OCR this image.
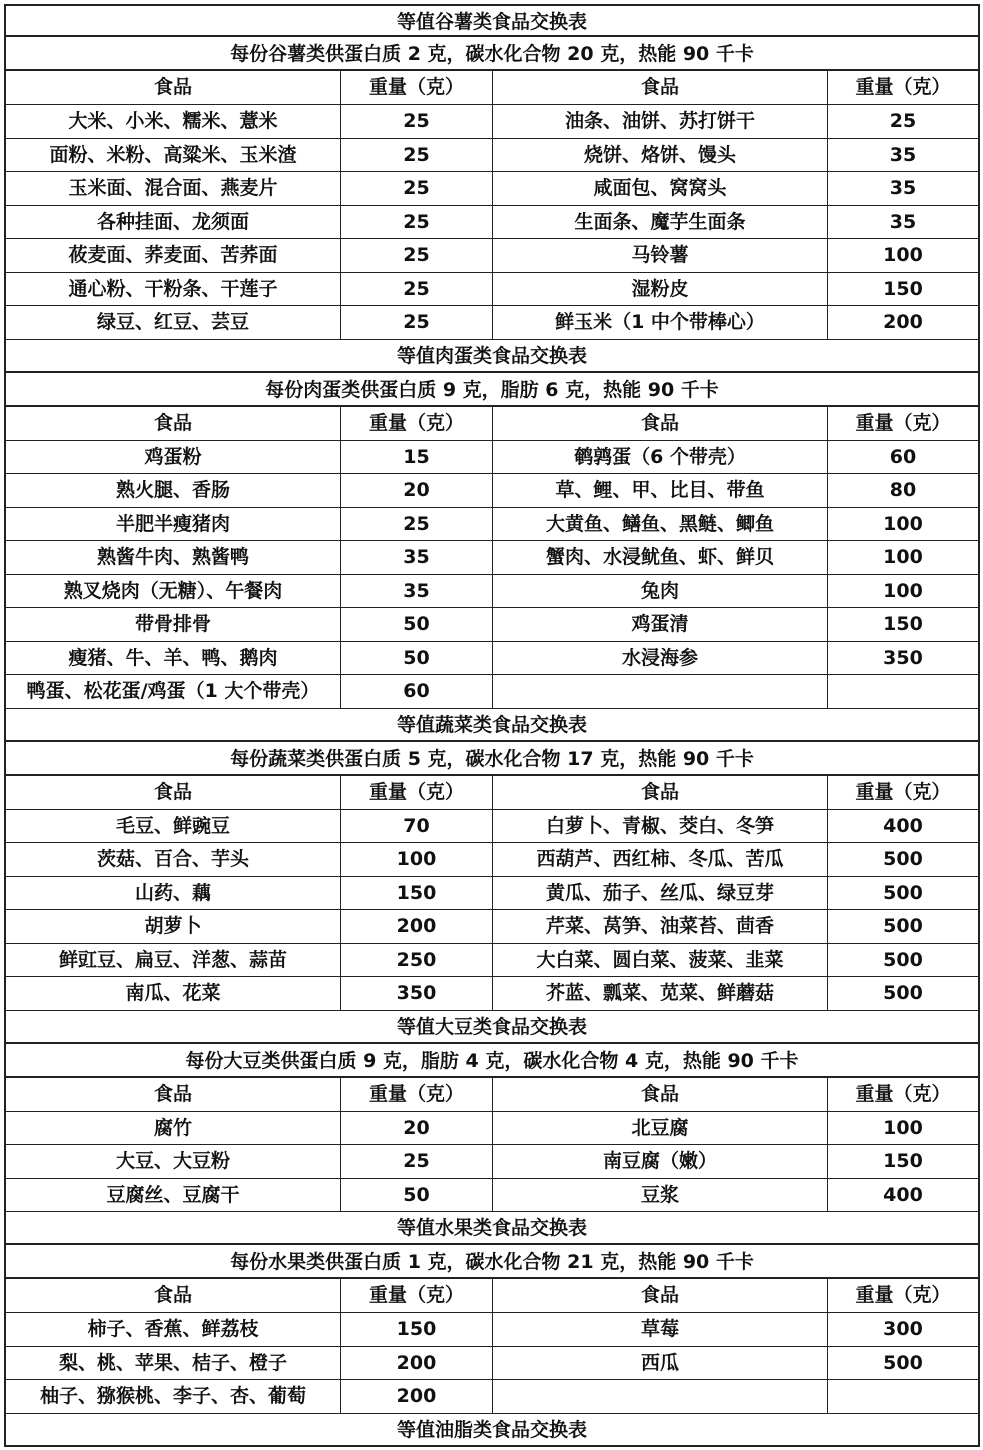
等值谷薯类食品交换表
每份谷薯类供蛋白质 2 克，碳水化合物 20 克，热能 90 千卡
食品	重量（克）	食品	重量（克）
大米、小米、糯米、薏米	25	油条、油饼、苏打饼干	25
面粉、米粉、高粱米、玉米渣	25	烧饼、烙饼、馒头	35
玉米面、混合面、燕麦片	25	咸面包、窝窝头	35
各种挂面、龙须面	25	生面条、魔芋生面条	35
莜麦面、荞麦面、苦荞面	25	马铃薯	100
通心粉、干粉条、干莲子	25	湿粉皮	150
绿豆、红豆、芸豆	25	鲜玉米（1 中个带棒心）	200
等值肉蛋类食品交换表
每份肉蛋类供蛋白质 9 克，脂肪 6 克，热能 90 千卡
食品	重量（克）	食品	重量（克）
鸡蛋粉	15	鹌鹑蛋（6 个带壳）	60
熟火腿、香肠	20	草、鲤、甲、比目、带鱼	80
半肥半瘦猪肉	25	大黄鱼、鳝鱼、黑鲢、鲫鱼	100
熟酱牛肉、熟酱鸭	35	蟹肉、水浸鱿鱼、虾、鲜贝	100
熟叉烧肉（无糖）、午餐肉	35	兔肉	100
带骨排骨	50	鸡蛋清	150
瘦猪、牛、羊、鸭、鹅肉	50	水浸海参	350
鸭蛋、松花蛋/鸡蛋（1 大个带壳）	60
等值蔬菜类食品交换表
每份蔬菜类供蛋白质 5 克，碳水化合物 17 克，热能 90 千卡
食品	重量（克）	食品	重量（克）
毛豆、鲜豌豆	70	白萝卜、青椒、茭白、冬笋	400
茨菇、百合、芋头	100	西葫芦、西红柿、冬瓜、苦瓜	500
山药、藕	150	黄瓜、茄子、丝瓜、绿豆芽	500
胡萝卜	200	芹菜、莴笋、油菜苔、茴香	500
鲜豇豆、扁豆、洋葱、蒜苗	250	大白菜、圆白菜、菠菜、韭菜	500
南瓜、花菜	350	芥蓝、瓢菜、苋菜、鲜蘑菇	500
等值大豆类食品交换表
每份大豆类供蛋白质 9 克，脂肪 4 克，碳水化合物 4 克，热能 90 千卡
食品	重量（克）	食品	重量（克）
腐竹	20	北豆腐	100
大豆、大豆粉	25	南豆腐（嫩）	150
豆腐丝、豆腐干	50	豆浆	400
等值水果类食品交换表
每份水果类供蛋白质 1 克，碳水化合物 21 克，热能 90 千卡
食品	重量（克）	食品	重量（克）
柿子、香蕉、鲜荔枝	150	草莓	300
梨、桃、苹果、桔子、橙子	200	西瓜	500
柚子、猕猴桃、李子、杏、葡萄	200
等值油脂类食品交换表
